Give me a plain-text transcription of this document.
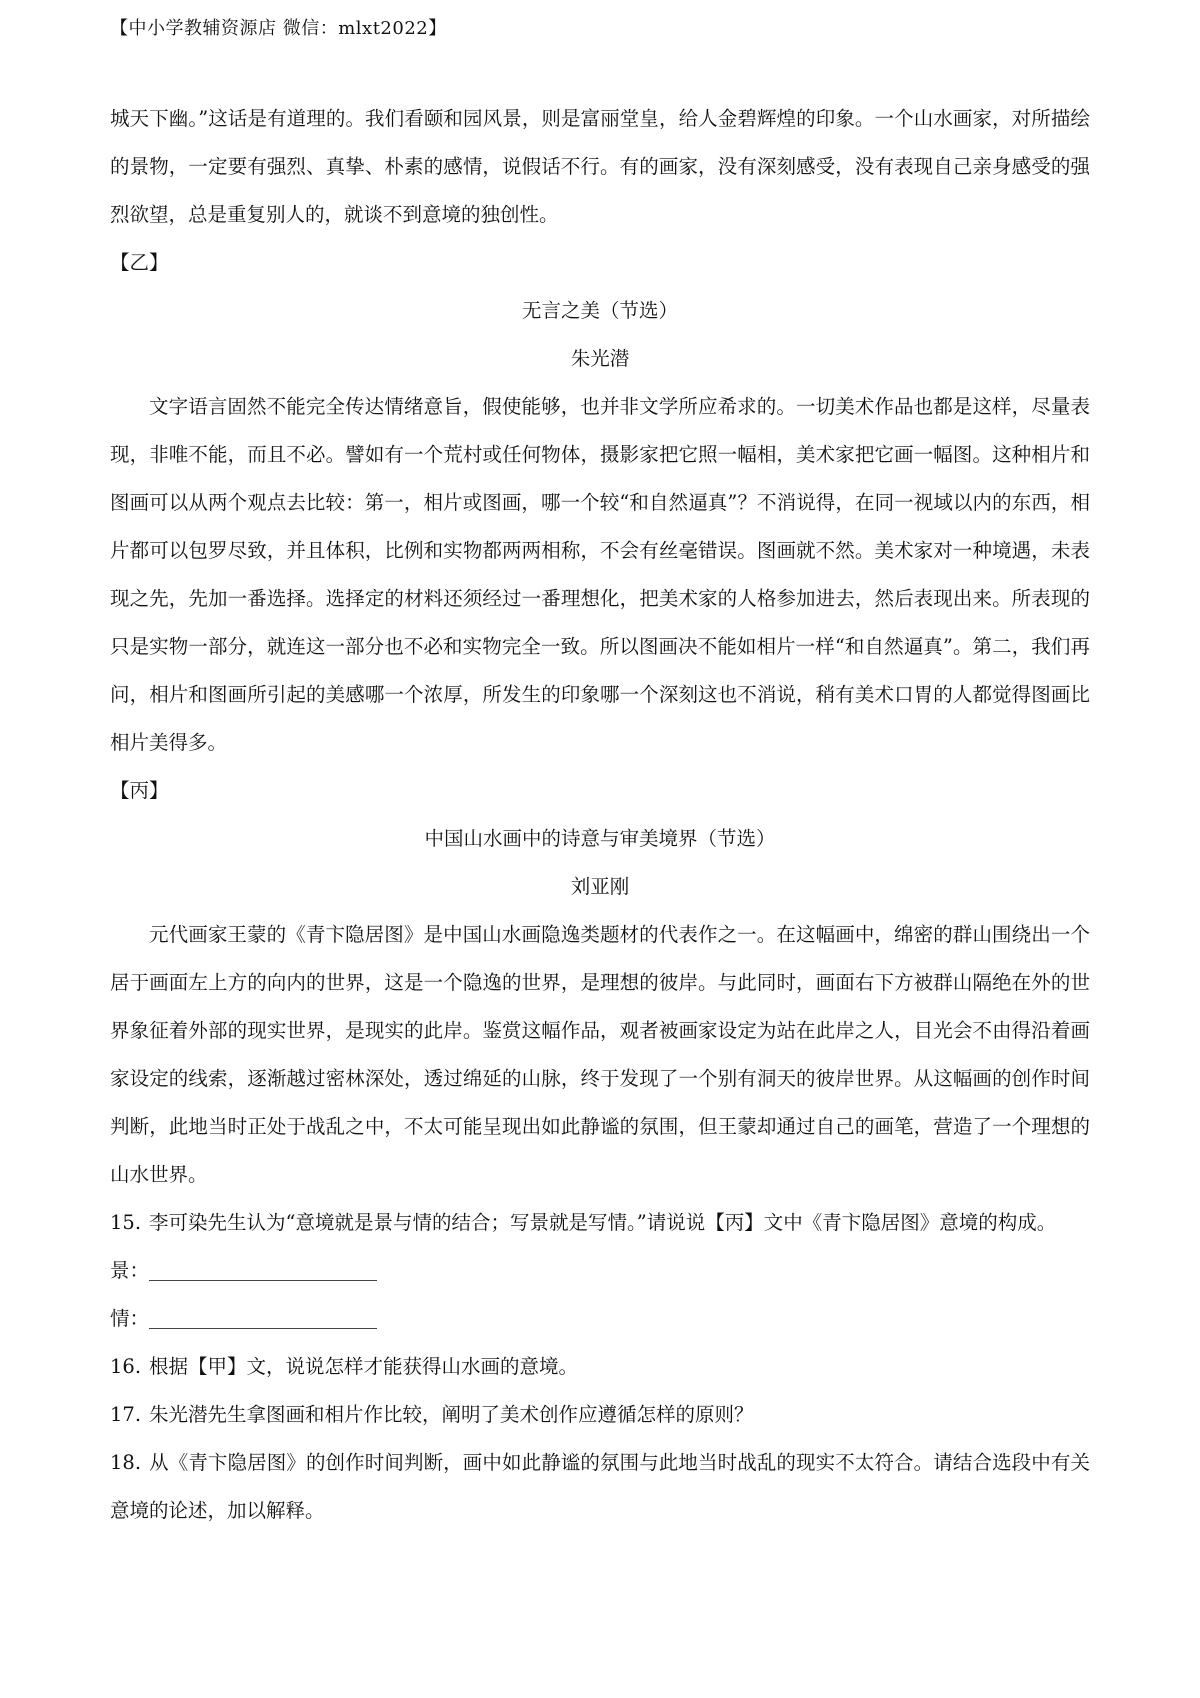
【中小学教辅资源店 微信：mlxt2022】

城天下幽。”这话是有道理的。我们看颐和园风景，则是富丽堂皇，给人金碧辉煌的印象。一个山水画家，对所描绘的景物，一定要有强烈、真挚、朴素的感情，说假话不行。有的画家，没有深刻感受，没有表现自己亲身感受的强烈欲望，总是重复别人的，就谈不到意境的独创性。

【乙】

无言之美（节选）

朱光潜

文字语言固然不能完全传达情绪意旨，假使能够，也并非文学所应希求的。一切美术作品也都是这样，尽量表现，非唯不能，而且不必。譬如有一个荒村或任何物体，摄影家把它照一幅相，美术家把它画一幅图。这种相片和图画可以从两个观点去比较：第一，相片或图画，哪一个较“和自然逼真”？不消说得，在同一视域以内的东西，相片都可以包罗尽致，并且体积，比例和实物都两两相称，不会有丝毫错误。图画就不然。美术家对一种境遇，未表现之先，先加一番选择。选择定的材料还须经过一番理想化，把美术家的人格参加进去，然后表现出来。所表现的只是实物一部分，就连这一部分也不必和实物完全一致。所以图画决不能如相片一样“和自然逼真”。第二，我们再问，相片和图画所引起的美感哪一个浓厚，所发生的印象哪一个深刻这也不消说，稍有美术口胃的人都觉得图画比相片美得多。

【丙】

中国山水画中的诗意与审美境界（节选）

刘亚刚

元代画家王蒙的《青卞隐居图》是中国山水画隐逸类题材的代表作之一。在这幅画中，绵密的群山围绕出一个居于画面左上方的向内的世界，这是一个隐逸的世界，是理想的彼岸。与此同时，画面右下方被群山隔绝在外的世界象征着外部的现实世界，是现实的此岸。鉴赏这幅作品，观者被画家设定为站在此岸之人，目光会不由得沿着画家设定的线索，逐渐越过密林深处，透过绵延的山脉，终于发现了一个别有洞天的彼岸世界。从这幅画的创作时间判断，此地当时正处于战乱之中，不太可能呈现出如此静谧的氛围，但王蒙却通过自己的画笔，营造了一个理想的山水世界。

15. 李可染先生认为“意境就是景与情的结合；写景就是写情。”请说说【丙】文中《青卞隐居图》意境的构成。

景：

情：

16. 根据【甲】文，说说怎样才能获得山水画的意境。

17. 朱光潜先生拿图画和相片作比较，阐明了美术创作应遵循怎样的原则？

18. 从《青卞隐居图》的创作时间判断，画中如此静谧的氛围与此地当时战乱的现实不太符合。请结合选段中有关意境的论述，加以解释。
